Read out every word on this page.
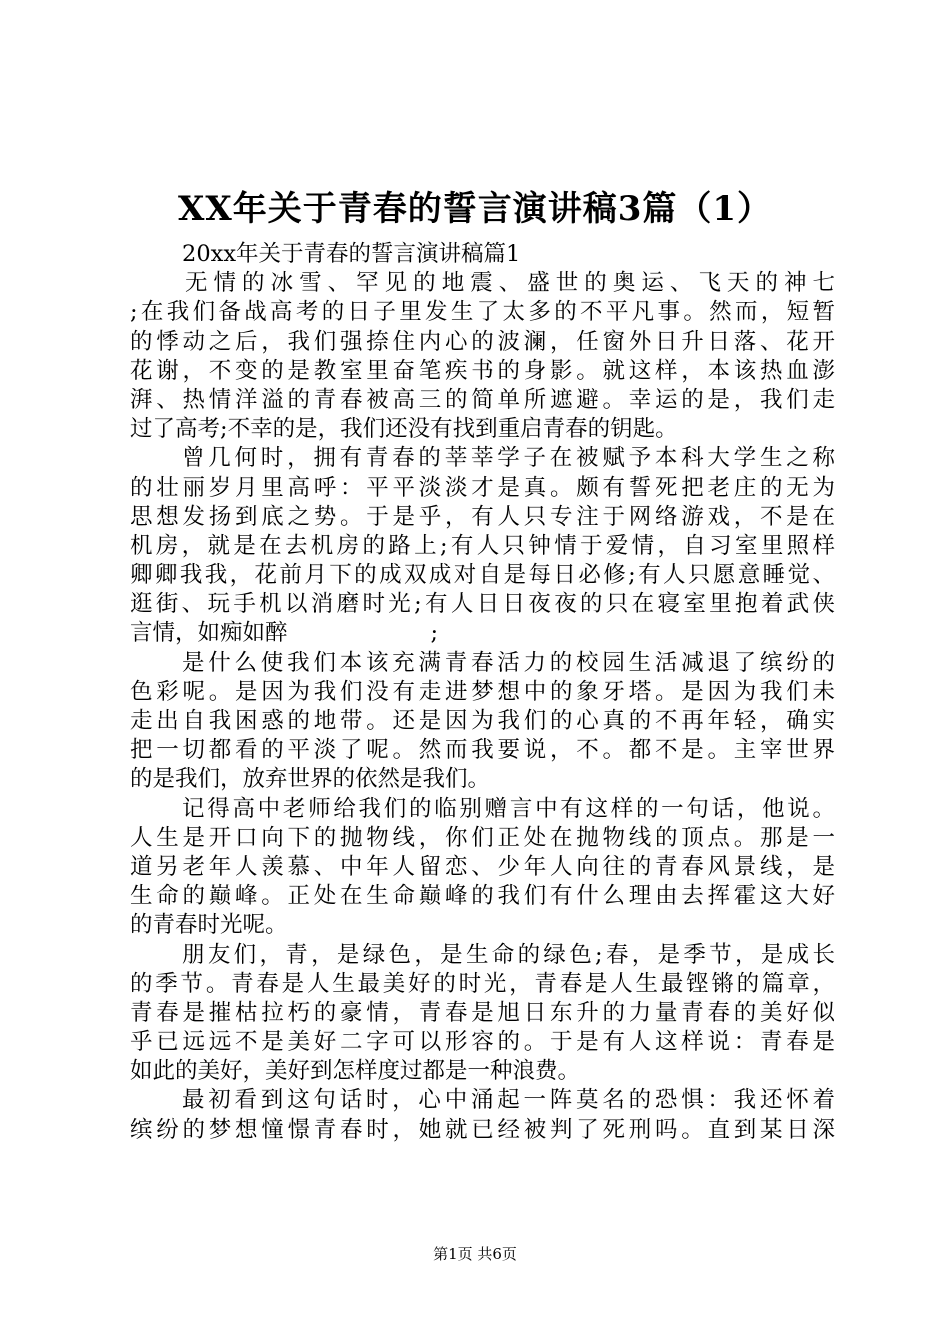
XX年关于青春的誓言演讲稿3篇（1）
20xx年关于青春的誓言演讲稿篇1
无情的冰雪、罕见的地震、盛世的奥运、飞天的神七
;在我们备战高考的日子里发生了太多的不平凡事。然而，短暂
的悸动之后，我们强捺住内心的波澜，任窗外日升日落、花开
花谢，不变的是教室里奋笔疾书的身影。就这样，本该热血澎
湃、热情洋溢的青春被高三的简单所遮避。幸运的是，我们走
过了高考;不幸的是，我们还没有找到重启青春的钥匙。
曾几何时，拥有青春的莘莘学子在被赋予本科大学生之称
的壮丽岁月里高呼：平平淡淡才是真。颇有誓死把老庄的无为
思想发扬到底之势。于是乎，有人只专注于网络游戏，不是在
机房，就是在去机房的路上;有人只钟情于爱情，自习室里照样
卿卿我我，花前月下的成双成对自是每日必修;有人只愿意睡觉、
逛街、玩手机以消磨时光;有人日日夜夜的只在寝室里抱着武侠
言情，如痴如醉                    ;
是什么使我们本该充满青春活力的校园生活减退了缤纷的
色彩呢。是因为我们没有走进梦想中的象牙塔。是因为我们未
走出自我困惑的地带。还是因为我们的心真的不再年轻，确实
把一切都看的平淡了呢。然而我要说，不。都不是。主宰世界
的是我们，放弃世界的依然是我们。
记得高中老师给我们的临别赠言中有这样的一句话，他说。
人生是开口向下的抛物线，你们正处在抛物线的顶点。那是一
道另老年人羡慕、中年人留恋、少年人向往的青春风景线，是
生命的巅峰。正处在生命巅峰的我们有什么理由去挥霍这大好
的青春时光呢。
朋友们，青，是绿色，是生命的绿色;春，是季节，是成长
的季节。青春是人生最美好的时光，青春是人生最铿锵的篇章，
青春是摧枯拉朽的豪情，青春是旭日东升的力量青春的美好似
乎已远远不是美好二字可以形容的。于是有人这样说：青春是
如此的美好，美好到怎样度过都是一种浪费。
最初看到这句话时，心中涌起一阵莫名的恐惧：我还怀着
缤纷的梦想憧憬青春时，她就已经被判了死刑吗。直到某日深
第1页 共6页
